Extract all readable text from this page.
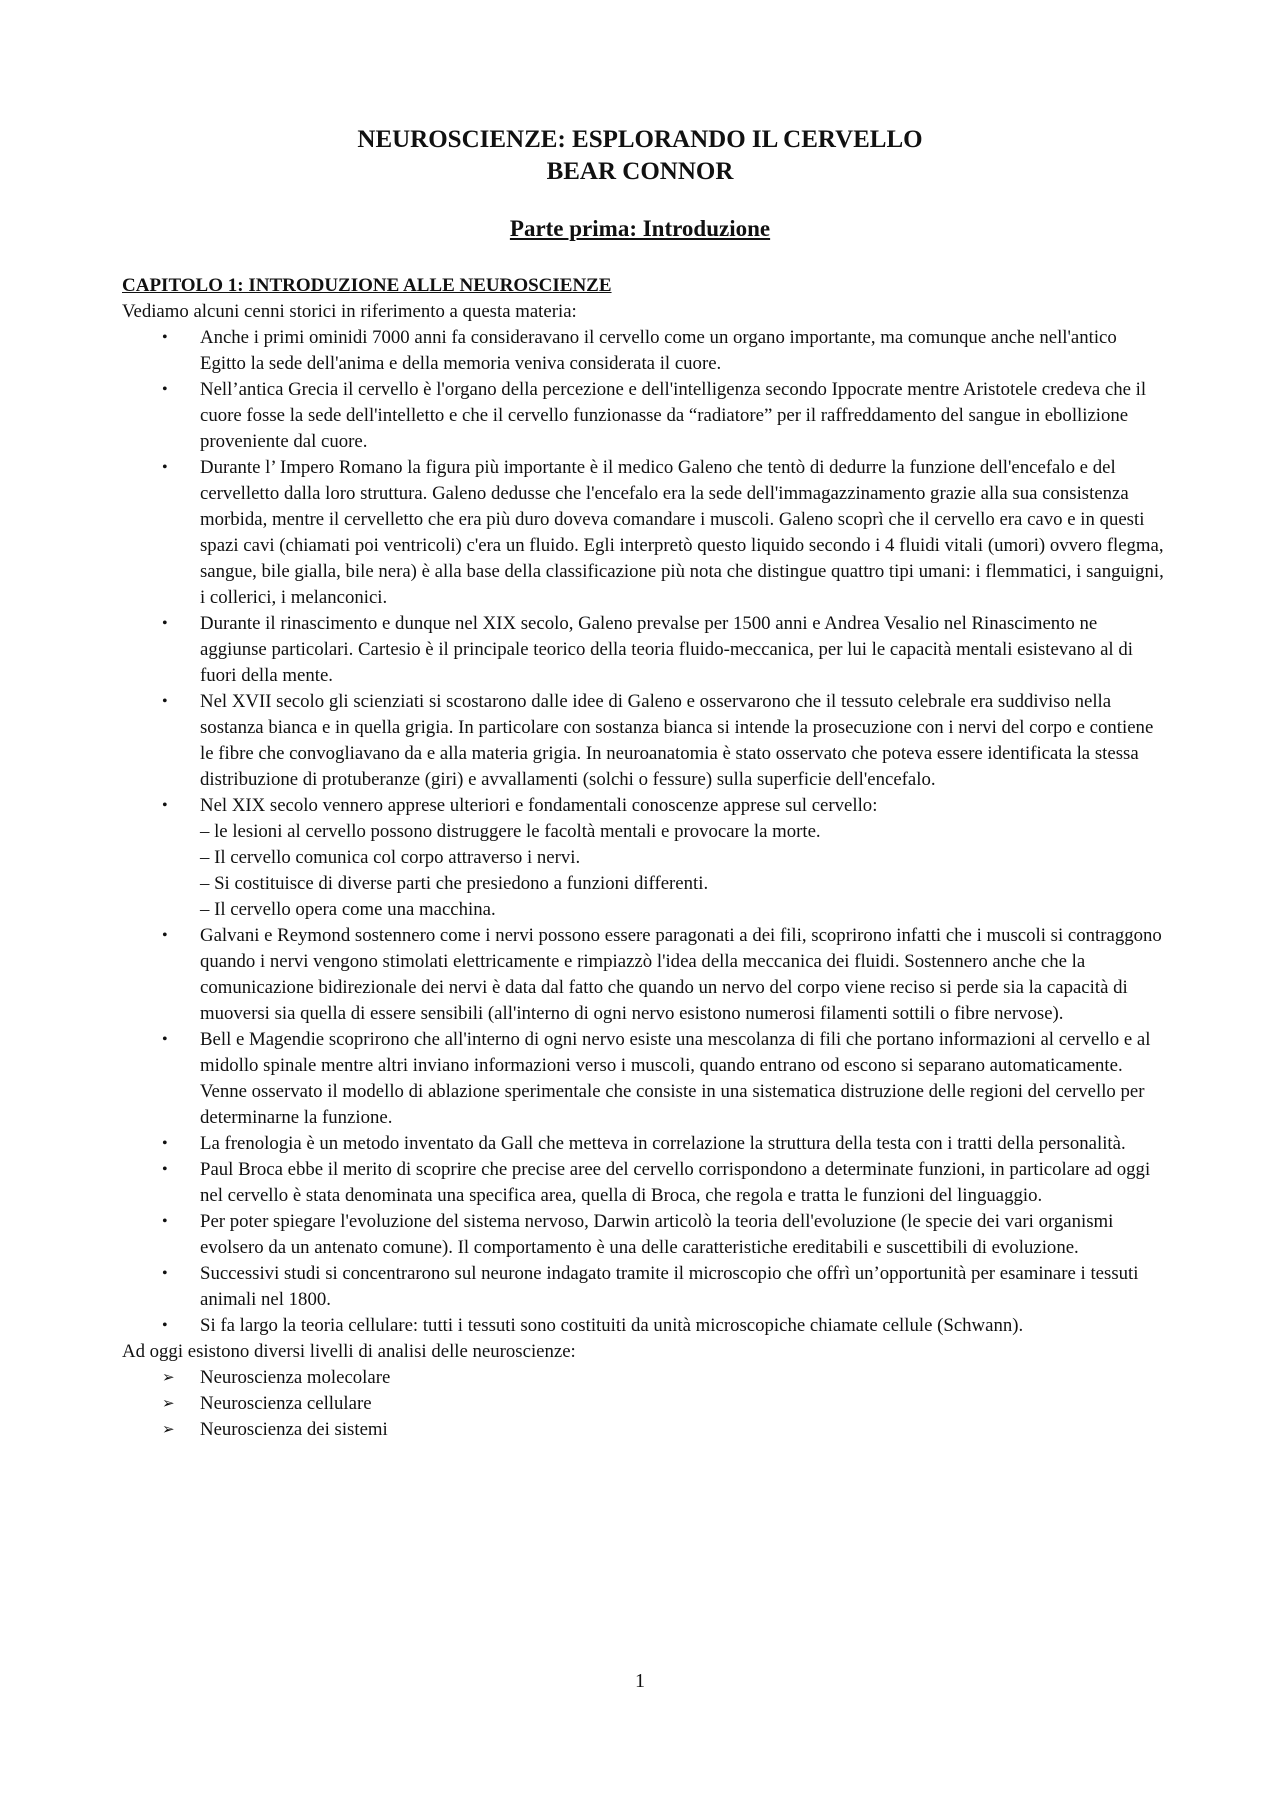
NEUROSCIENZE: ESPLORANDO IL CERVELLO
BEAR CONNOR
Parte prima: Introduzione
CAPITOLO 1: INTRODUZIONE ALLE NEUROSCIENZE

Vediamo alcuni cenni storici in riferimento a questa materia:

• Anche i primi ominidi 7000 anni fa consideravano il cervello come un organo importante, ma comunque anche nell'antico Egitto la sede dell'anima e della memoria veniva considerata il cuore.
• Nell’antica Grecia il cervello è l'organo della percezione e dell'intelligenza secondo Ippocrate mentre Aristotele credeva che il cuore fosse la sede dell'intelletto e che il cervello funzionasse da “radiatore” per il raffreddamento del sangue in ebollizione proveniente dal cuore.
• Durante l’ Impero Romano la figura più importante è il medico Galeno che tentò di dedurre la funzione dell'encefalo e del cervelletto dalla loro struttura. Galeno dedusse che l'encefalo era la sede dell'immagazzinamento grazie alla sua consistenza morbida, mentre il cervelletto che era più duro doveva comandare i muscoli. Galeno scoprì che il cervello era cavo e in questi spazi cavi (chiamati poi ventricoli) c'era un fluido. Egli interpretò questo liquido secondo i 4 fluidi vitali (umori) ovvero flegma, sangue, bile gialla, bile nera) è alla base della classificazione più nota che distingue quattro tipi umani: i flemmatici, i sanguigni, i collerici, i melanconici.
• Durante il rinascimento e dunque nel XIX secolo, Galeno prevalse per 1500 anni e Andrea Vesalio nel Rinascimento ne aggiunse particolari. Cartesio è il principale teorico della teoria fluido-meccanica, per lui le capacità mentali esistevano al di fuori della mente.
• Nel XVII secolo gli scienziati si scostarono dalle idee di Galeno e osservarono che il tessuto celebrale era suddiviso nella sostanza bianca e in quella grigia. In particolare con sostanza bianca si intende la prosecuzione con i nervi del corpo e contiene le fibre che convogliavano da e alla materia grigia. In neuroanatomia è stato osservato che poteva essere identificata la stessa distribuzione di protuberanze (giri) e avvallamenti (solchi o fessure) sulla superficie dell'encefalo.
• Nel XIX secolo vennero apprese ulteriori e fondamentali conoscenze apprese sul cervello:
– le lesioni al cervello possono distruggere le facoltà mentali e provocare la morte.
– Il cervello comunica col corpo attraverso i nervi.
– Si costituisce di diverse parti che presiedono a funzioni differenti.
– Il cervello opera come una macchina.
• Galvani e Reymond sostennero come i nervi possono essere paragonati a dei fili, scoprirono infatti che i muscoli si contraggono quando i nervi vengono stimolati elettricamente e rimpiazzò l'idea della meccanica dei fluidi. Sostennero anche che la comunicazione bidirezionale dei nervi è data dal fatto che quando un nervo del corpo viene reciso si perde sia la capacità di muoversi sia quella di essere sensibili (all'interno di ogni nervo esistono numerosi filamenti sottili o fibre nervose).
• Bell e Magendie scoprirono che all'interno di ogni nervo esiste una mescolanza di fili che portano informazioni al cervello e al midollo spinale mentre altri inviano informazioni verso i muscoli, quando entrano od escono si separano automaticamente. Venne osservato il modello di ablazione sperimentale che consiste in una sistematica distruzione delle regioni del cervello per determinarne la funzione.
• La frenologia è un metodo inventato da Gall che metteva in correlazione la struttura della testa con i tratti della personalità.
• Paul Broca ebbe il merito di scoprire che precise aree del cervello corrispondono a determinate funzioni, in particolare ad oggi nel cervello è stata denominata una specifica area, quella di Broca, che regola e tratta le funzioni del linguaggio.
• Per poter spiegare l'evoluzione del sistema nervoso, Darwin articolò la teoria dell'evoluzione (le specie dei vari organismi evolsero da un antenato comune). Il comportamento è una delle caratteristiche ereditabili e suscettibili di evoluzione.
• Successivi studi si concentrarono sul neurone indagato tramite il microscopio che offrì un’opportunità per esaminare i tessuti animali nel 1800.
• Si fa largo la teoria cellulare: tutti i tessuti sono costituiti da unità microscopiche chiamate cellule (Schwann).

Ad oggi esistono diversi livelli di analisi delle neuroscienze:

➢ Neuroscienza molecolare
➢ Neuroscienza cellulare
➢ Neuroscienza dei sistemi
1
